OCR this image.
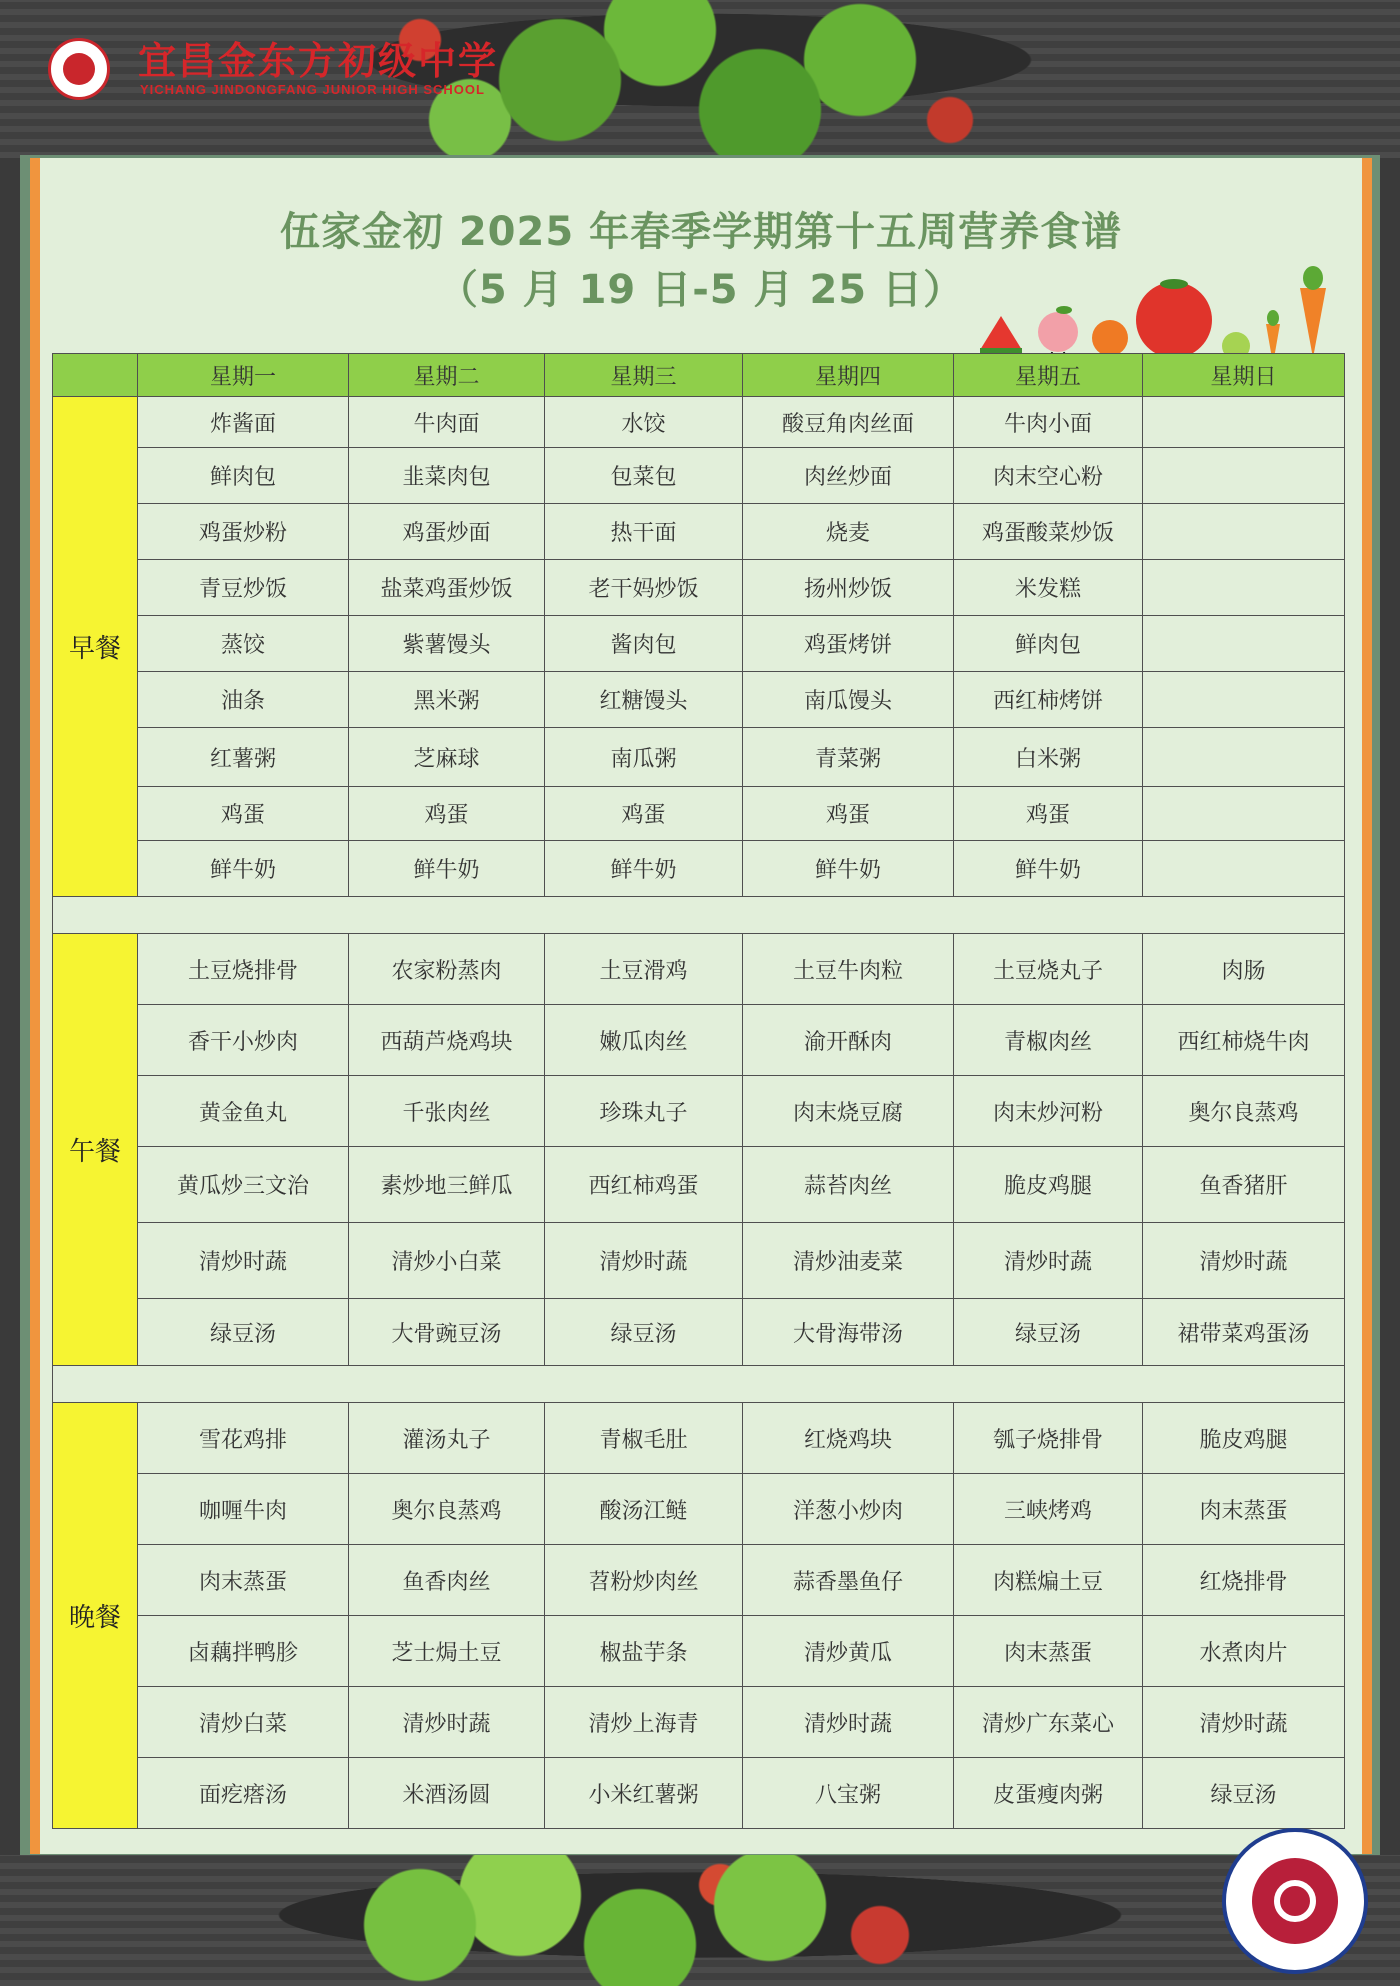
宜昌金东方初级中学
YICHANG JINDONGFANG JUNIOR HIGH SCHOOL
伍家金初 2025 年春季学期第十五周营养食谱
（5 月 19 日-5 月 25 日）
	星期一	星期二	星期三	星期四	星期五	星期日
早餐	炸酱面	牛肉面	水饺	酸豆角肉丝面	牛肉小面	
	鲜肉包	韭菜肉包	包菜包	肉丝炒面	肉末空心粉	
	鸡蛋炒粉	鸡蛋炒面	热干面	烧麦	鸡蛋酸菜炒饭	
	青豆炒饭	盐菜鸡蛋炒饭	老干妈炒饭	扬州炒饭	米发糕	
	蒸饺	紫薯馒头	酱肉包	鸡蛋烤饼	鲜肉包	
	油条	黑米粥	红糖馒头	南瓜馒头	西红柿烤饼	
	红薯粥	芝麻球	南瓜粥	青菜粥	白米粥	
	鸡蛋	鸡蛋	鸡蛋	鸡蛋	鸡蛋	
	鲜牛奶	鲜牛奶	鲜牛奶	鲜牛奶	鲜牛奶	

午餐	土豆烧排骨	农家粉蒸肉	土豆滑鸡	土豆牛肉粒	土豆烧丸子	肉肠
	香干小炒肉	西葫芦烧鸡块	嫩瓜肉丝	渝开酥肉	青椒肉丝	西红柿烧牛肉
	黄金鱼丸	千张肉丝	珍珠丸子	肉末烧豆腐	肉末炒河粉	奥尔良蒸鸡
	黄瓜炒三文治	素炒地三鲜瓜	西红柿鸡蛋	蒜苔肉丝	脆皮鸡腿	鱼香猪肝
	清炒时蔬	清炒小白菜	清炒时蔬	清炒油麦菜	清炒时蔬	清炒时蔬
	绿豆汤	大骨豌豆汤	绿豆汤	大骨海带汤	绿豆汤	裙带菜鸡蛋汤

晚餐	雪花鸡排	灌汤丸子	青椒毛肚	红烧鸡块	瓠子烧排骨	脆皮鸡腿
	咖喱牛肉	奥尔良蒸鸡	酸汤江鲢	洋葱小炒肉	三峡烤鸡	肉末蒸蛋
	肉末蒸蛋	鱼香肉丝	苕粉炒肉丝	蒜香墨鱼仔	肉糕煸土豆	红烧排骨
	卤藕拌鸭胗	芝士焗土豆	椒盐芋条	清炒黄瓜	肉末蒸蛋	水煮肉片
	清炒白菜	清炒时蔬	清炒上海青	清炒时蔬	清炒广东菜心	清炒时蔬
	面疙瘩汤	米酒汤圆	小米红薯粥	八宝粥	皮蛋瘦肉粥	绿豆汤
